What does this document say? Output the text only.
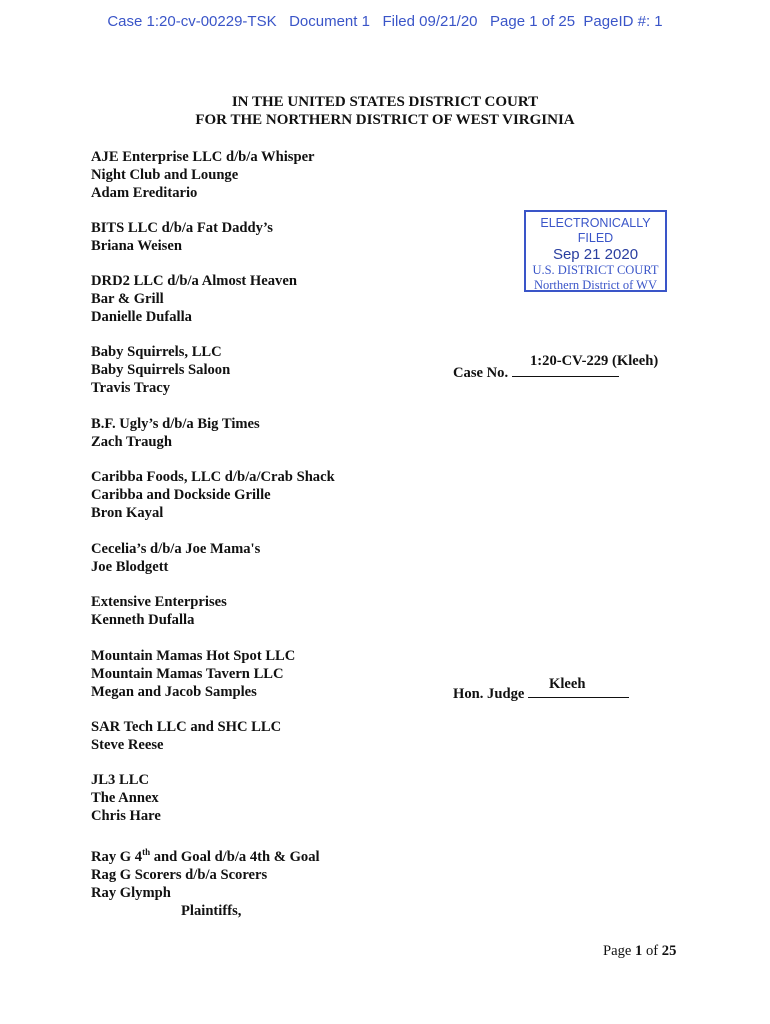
Case 1:20-cv-00229-TSK   Document 1   Filed 09/21/20   Page 1 of 25  PageID #: 1
IN THE UNITED STATES DISTRICT COURT
FOR THE NORTHERN DISTRICT OF WEST VIRGINIA
ELECTRONICALLY
FILED
Sep 21 2020
U.S. DISTRICT COURT
Northern District of WV
AJE Enterprise LLC d/b/a Whisper
Night Club and Lounge
Adam Ereditario
BITS LLC d/b/a Fat Daddy’s
Briana Weisen
DRD2 LLC d/b/a Almost Heaven
Bar & Grill
Danielle Dufalla
Baby Squirrels, LLC
Baby Squirrels Saloon
Travis Tracy
B.F. Ugly’s d/b/a Big Times
Zach Traugh
Caribba Foods, LLC d/b/a/Crab Shack
Caribba and Dockside Grille
Bron Kayal
Cecelia’s d/b/a Joe Mama's
Joe Blodgett
Extensive Enterprises
Kenneth Dufalla
Mountain Mamas Hot Spot LLC
Mountain Mamas Tavern LLC
Megan and Jacob Samples
SAR Tech LLC and SHC LLC
Steve Reese
JL3 LLC
The Annex
Chris Hare
Ray G 4th and Goal d/b/a 4th & Goal
Rag G Scorers d/b/a Scorers
Ray Glymph
Plaintiffs,
Case No.
1:20-CV-229 (Kleeh)
Hon. Judge
Kleeh
Page 1 of 25
